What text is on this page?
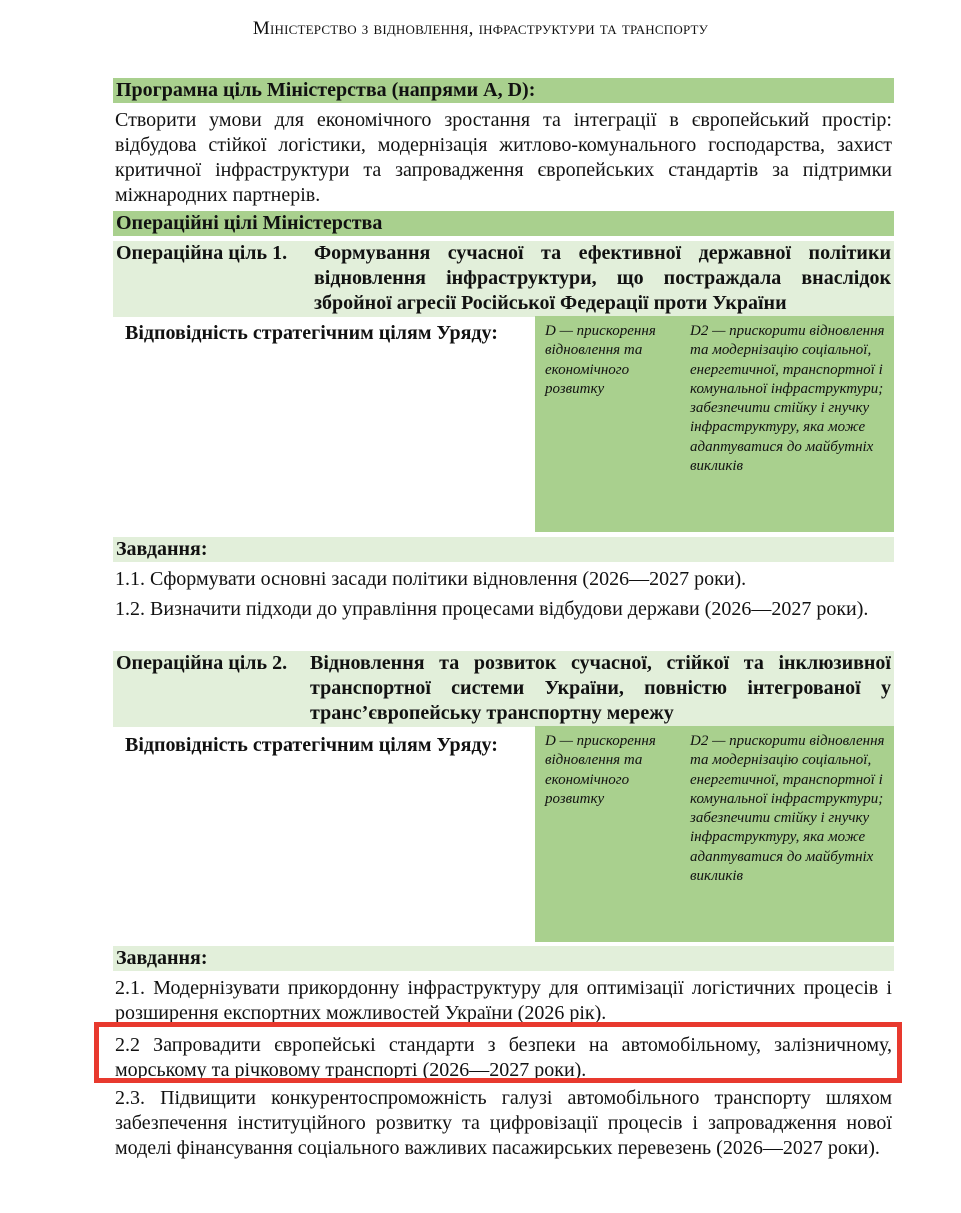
Міністерство з відновлення, інфраструктури та транспорту
Програмна ціль Міністерства (напрями А, D):
Створити умови для економічного зростання та інтеграції в європейський простір: відбудова стійкої логістики, модернізація житлово-комунального господарства, захист критичної інфраструктури та запровадження європейських стандартів за підтримки міжнародних партнерів.
Операційні цілі Міністерства
Операційна ціль 1. Формування сучасної та ефективної державної політики відновлення інфраструктури, що постраждала внаслідок збройної агресії Російської Федерації проти України
Відповідність стратегічним цілям Уряду:	D — прискорення відновлення та економічного розвитку
D2 — прискорити відновлення та модернізацію соціальної, енергетичної, транспортної і комунальної інфраструктури; забезпечити стійку і гнучку інфраструктуру, яка може адаптуватися до майбутніх викликів
Завдання:
1.1. Сформувати основні засади політики відновлення (2026—2027 роки).
1.2. Визначити підходи до управління процесами відбудови держави (2026—2027 роки).
Операційна ціль 2. Відновлення та розвиток сучасної, стійкої та інклюзивної транспортної системи України, повністю інтегрованої у транс’європейську транспортну мережу
Відповідність стратегічним цілям Уряду:	D — прискорення відновлення та економічного розвитку
D2 — прискорити відновлення та модернізацію соціальної, енергетичної, транспортної і комунальної інфраструктури; забезпечити стійку і гнучку інфраструктуру, яка може адаптуватися до майбутніх викликів
Завдання:
2.1. Модернізувати прикордонну інфраструктуру для оптимізації логістичних процесів і розширення експортних можливостей України (2026 рік).
2.2 Запровадити європейські стандарти з безпеки на автомобільному, залізничному, морському та річковому транспорті (2026—2027 роки).
2.3. Підвищити конкурентоспроможність галузі автомобільного транспорту шляхом забезпечення інституційного розвитку та цифровізації процесів і запровадження нової моделі фінансування соціального важливих пасажирських перевезень (2026—2027 роки).
